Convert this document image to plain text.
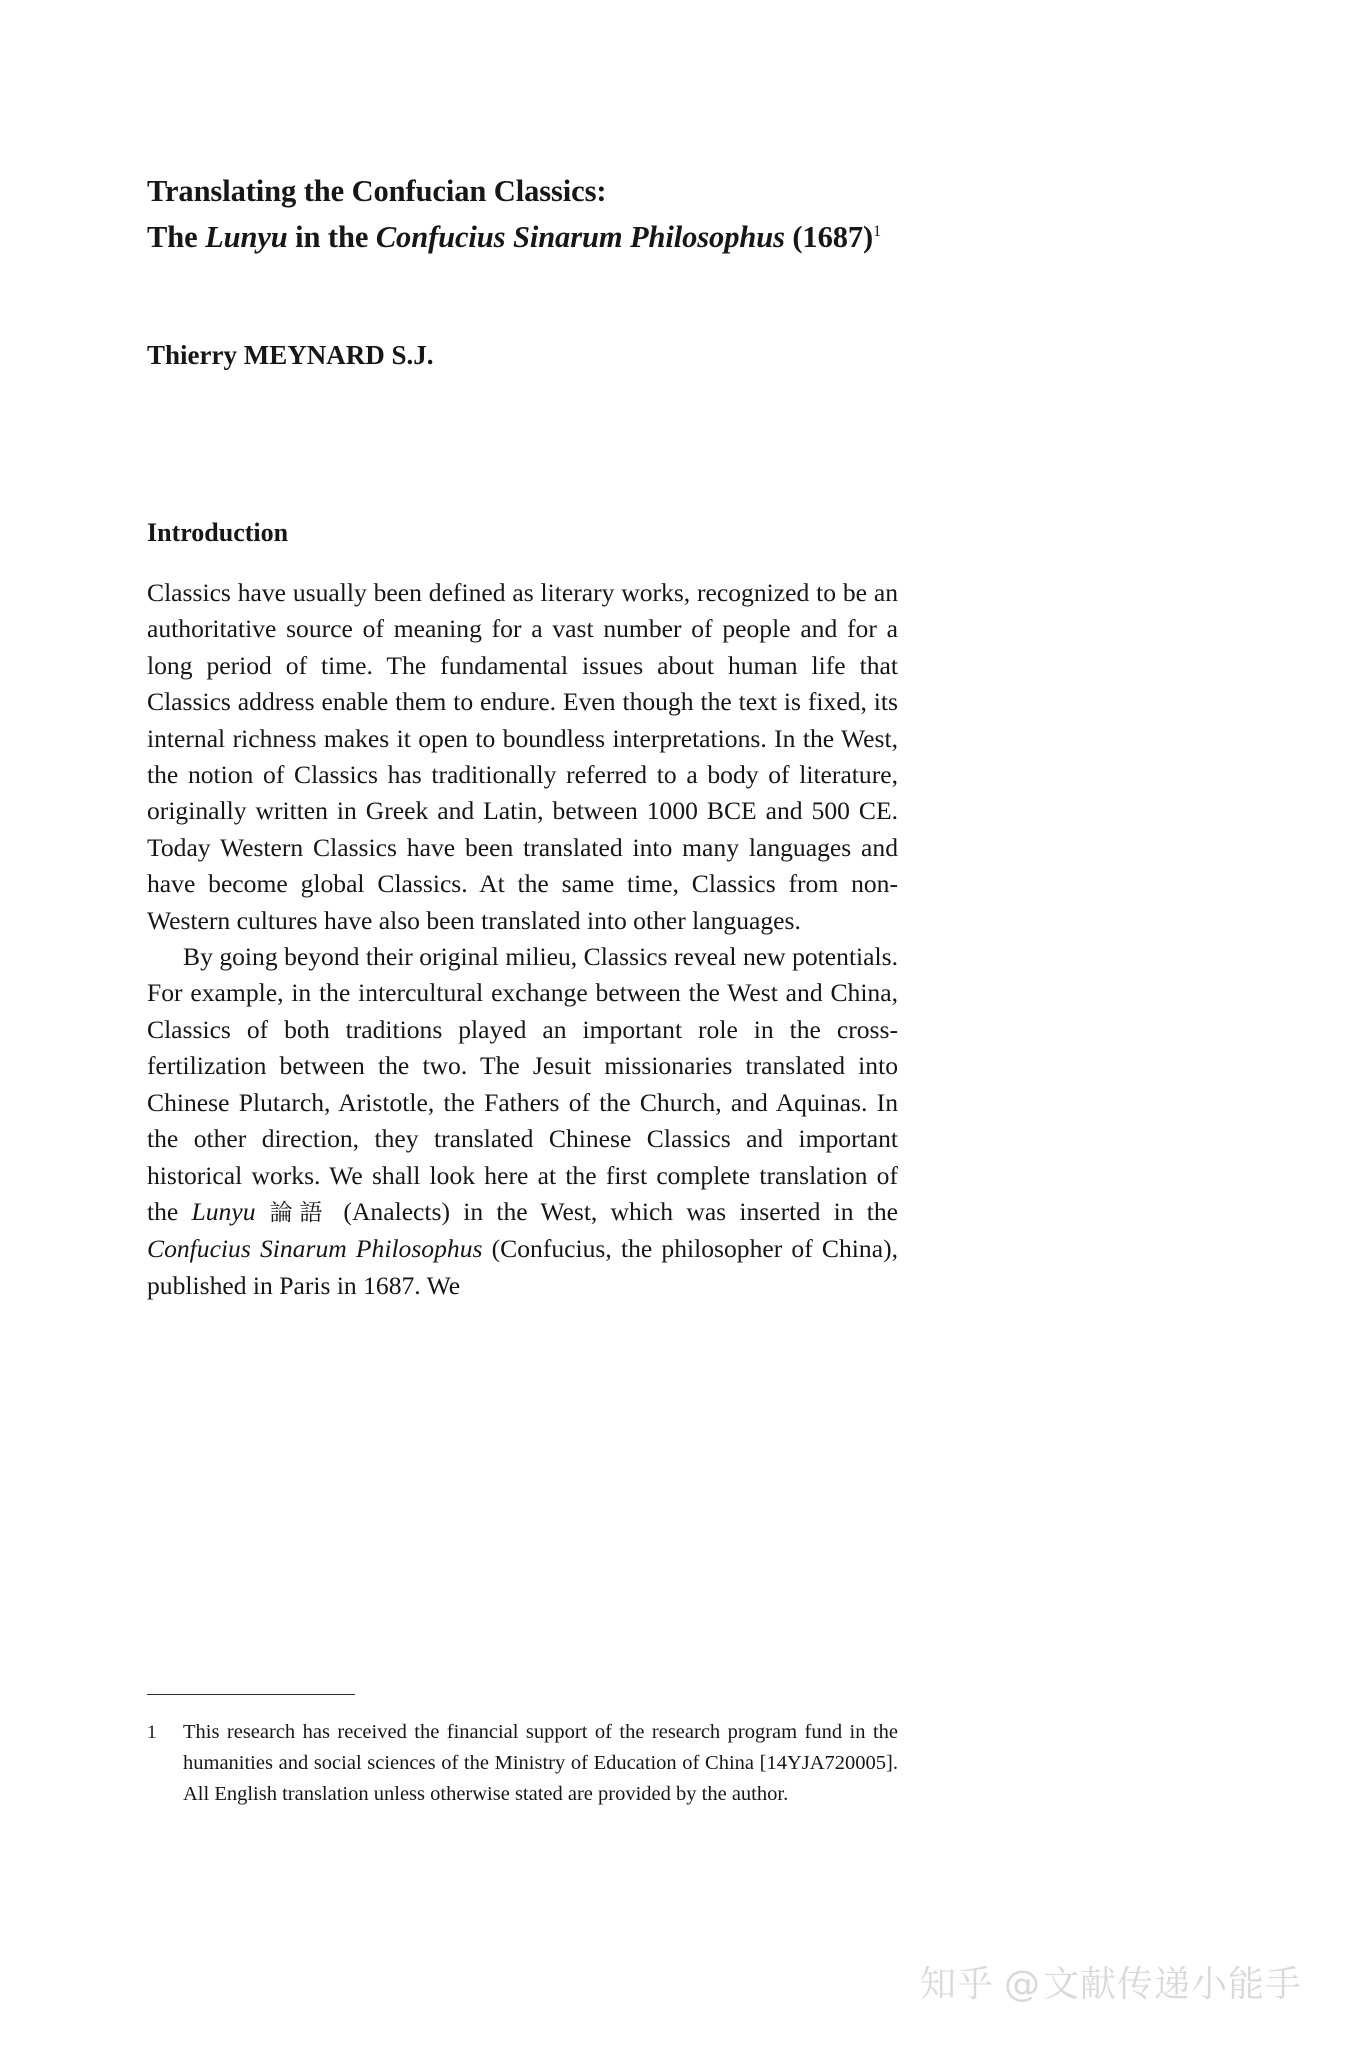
Translating the Confucian Classics:
The Lunyu in the Confucius Sinarum Philosophus $(1687)^1$
Thierry MEYNARD S.J.
Introduction

Classics have usually been defined as literary works, recognized to be an authoritative source of meaning for a vast number of people and for a long period of time. The fundamental issues about human life that Classics address enable them to endure. Even though the text is fixed, its internal richness makes it open to boundless interpretations. In the West, the notion of Classics has traditionally referred to a body of literature, originally written in Greek and Latin, between 1000 BCE and 500 CE. Today Western Classics have been translated into many languages and have become global Classics. At the same time, Classics from non-Western cultures have also been translated into other languages.

By going beyond their original milieu, Classics reveal new potentials. For example, in the intercultural exchange between the West and China, Classics of both traditions played an important role in the cross-fertilization between the two. The Jesuit missionaries translated into Chinese Plutarch, Aristotle, the Fathers of the Church, and Aquinas. In the other direction, they translated Chinese Classics and important historical works. We shall look here at the first complete translation of the Lunyu 論語 (Analects) in the West, which was inserted in the Confucius Sinarum Philosophus (Confucius, the philosopher of China), published in Paris in 1687. We

1	This research has received the financial support of the research program fund in the humanities and social sciences of the Ministry of Education of China [14YJA720005]. All English translation unless otherwise stated are provided by the author.
知乎 @文献传递小能手
